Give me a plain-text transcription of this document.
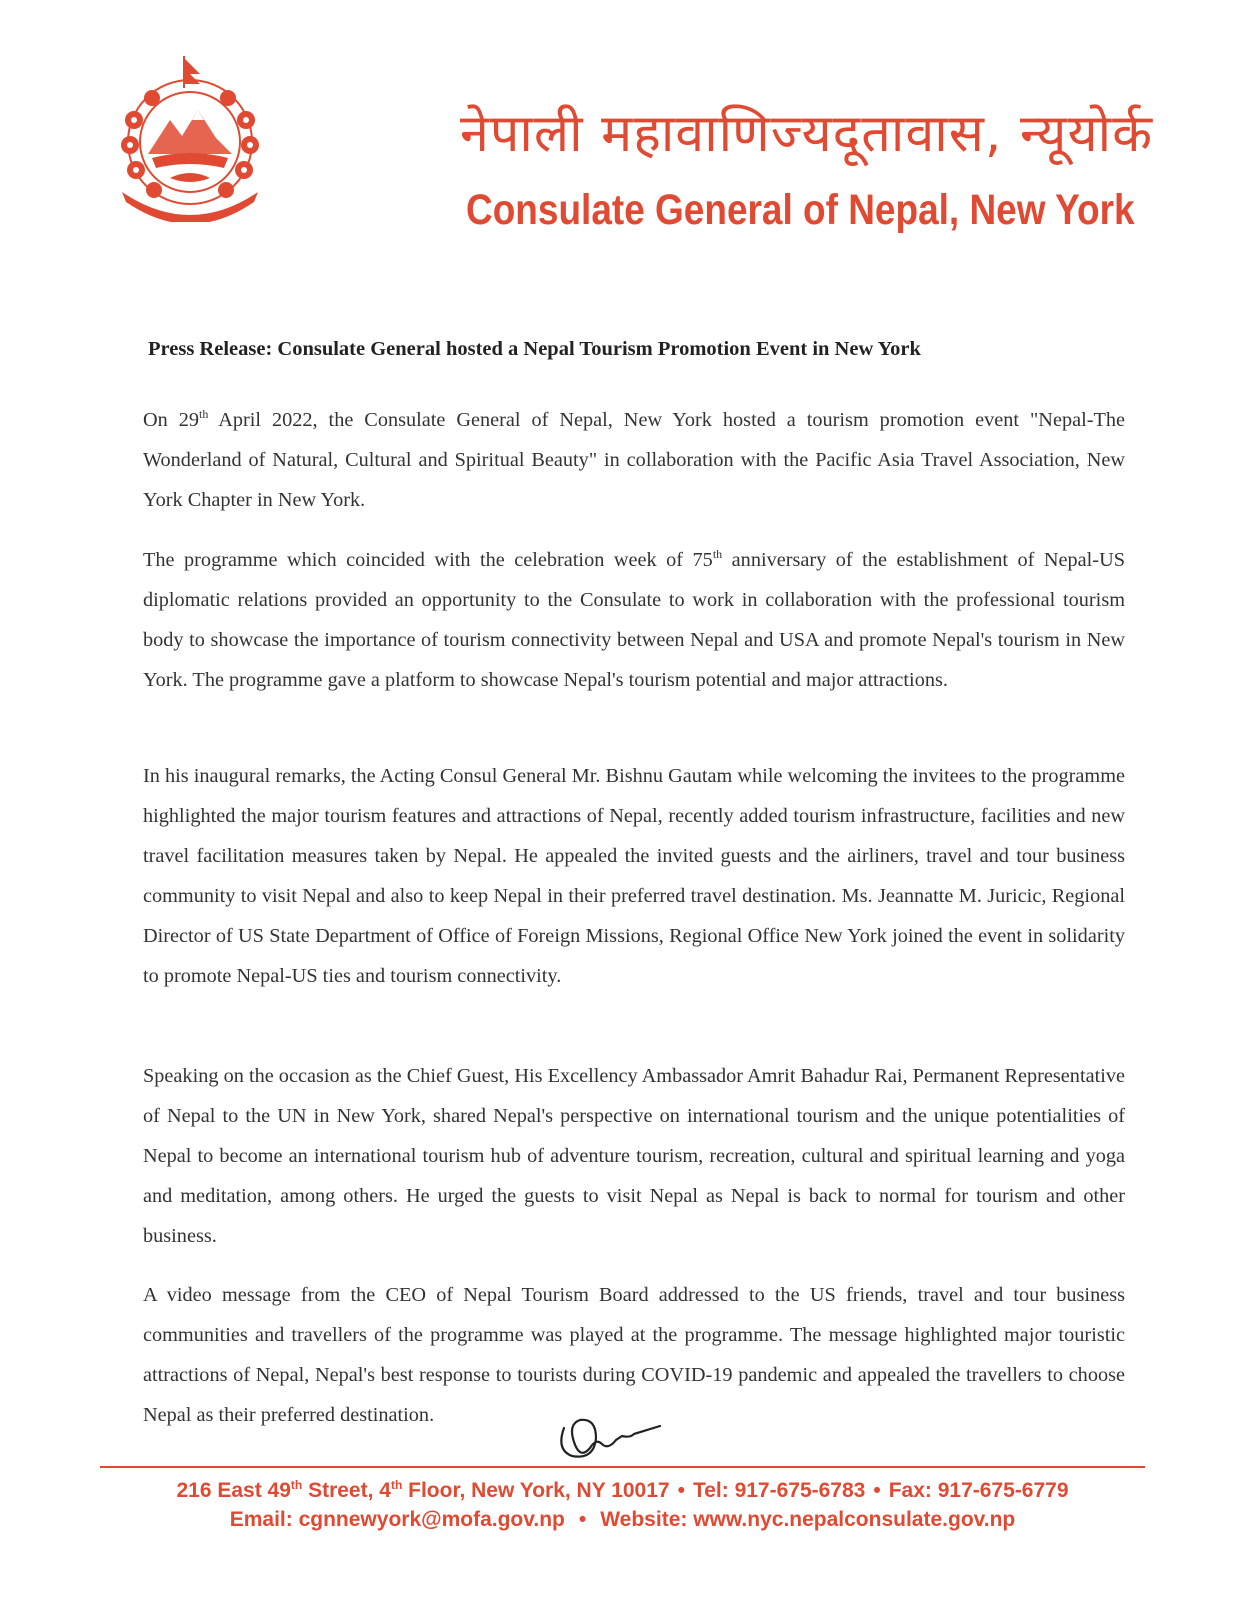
नेपाली महावाणिज्यदूतावास, न्यूयोर्क
Consulate General of Nepal, New York
Press Release: Consulate General hosted a Nepal Tourism Promotion Event in New York

On 29th April 2022, the Consulate General of Nepal, New York hosted a tourism promotion event "Nepal-The Wonderland of Natural, Cultural and Spiritual Beauty" in collaboration with the Pacific Asia Travel Association, New York Chapter in New York.

The programme which coincided with the celebration week of 75th anniversary of the establishment of Nepal-US diplomatic relations provided an opportunity to the Consulate to work in collaboration with the professional tourism body to showcase the importance of tourism connectivity between Nepal and USA and promote Nepal's tourism in New York. The programme gave a platform to showcase Nepal's tourism potential and major attractions.

In his inaugural remarks, the Acting Consul General Mr. Bishnu Gautam while welcoming the invitees to the programme highlighted the major tourism features and attractions of Nepal, recently added tourism infrastructure, facilities and new travel facilitation measures taken by Nepal. He appealed the invited guests and the airliners, travel and tour business community to visit Nepal and also to keep Nepal in their preferred travel destination. Ms. Jeannatte M. Juricic, Regional Director of US State Department of Office of Foreign Missions, Regional Office New York joined the event in solidarity to promote Nepal-US ties and tourism connectivity.

Speaking on the occasion as the Chief Guest, His Excellency Ambassador Amrit Bahadur Rai, Permanent Representative of Nepal to the UN in New York, shared Nepal's perspective on international tourism and the unique potentialities of Nepal to become an international tourism hub of adventure tourism, recreation, cultural and spiritual learning and yoga and meditation, among others. He urged the guests to visit Nepal as Nepal is back to normal for tourism and other business.

A video message from the CEO of Nepal Tourism Board addressed to the US friends, travel and tour business communities and travellers of the programme was played at the programme. The message highlighted major touristic attractions of Nepal, Nepal's best response to tourists during COVID-19 pandemic and appealed the travellers to choose Nepal as their preferred destination.

216 East 49th Street, 4th Floor, New York, NY 10017 • Tel: 917-675-6783 • Fax: 917-675-6779
Email: cgnnewyork@mofa.gov.np • Website: www.nyc.nepalconsulate.gov.np
